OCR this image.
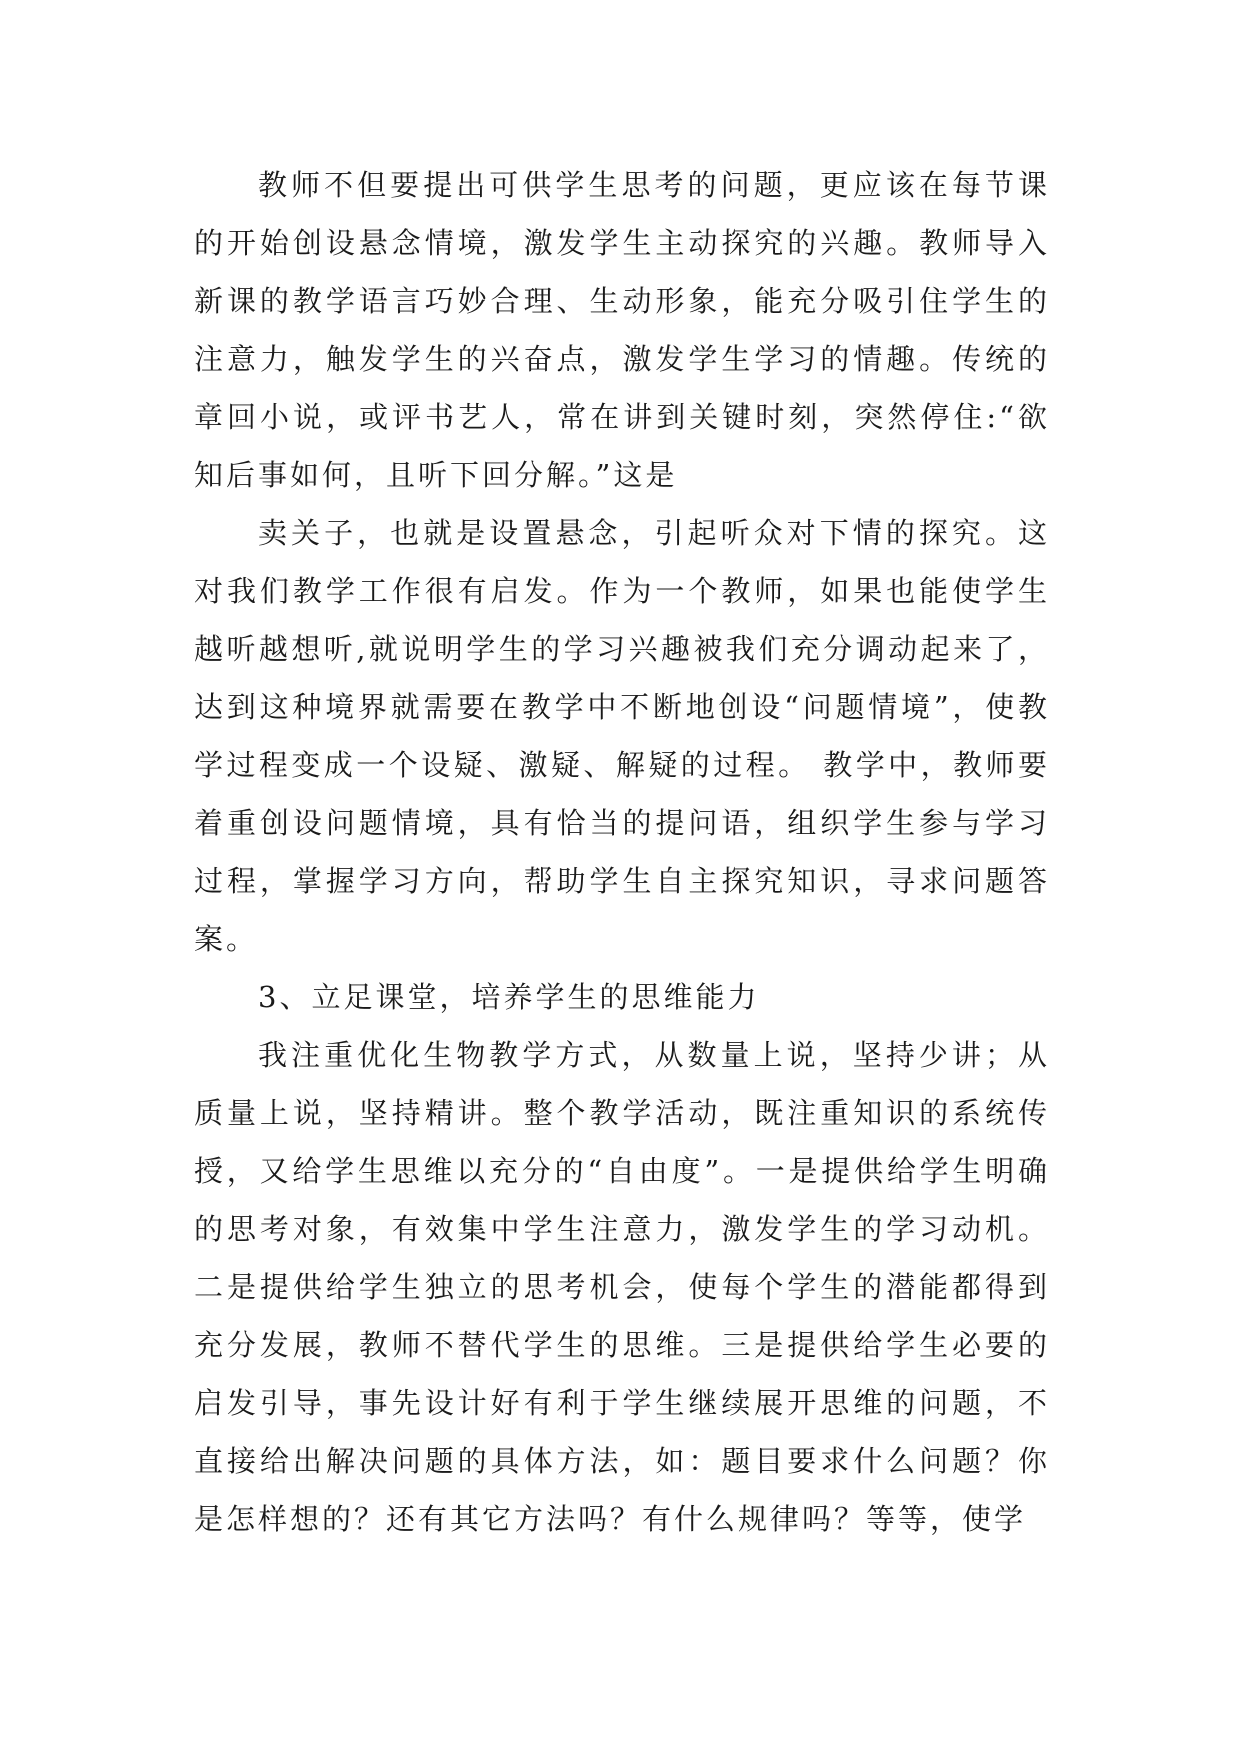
教师不但要提出可供学生思考的问题，更应该在每节课的开始创设悬念情境，激发学生主动探究的兴趣。教师导入新课的教学语言巧妙合理、生动形象，能充分吸引住学生的注意力，触发学生的兴奋点，激发学生学习的情趣。传统的章回小说，或评书艺人，常在讲到关键时刻，突然停住:“欲知后事如何，且听下回分解。”这是

卖关子，也就是设置悬念，引起听众对下情的探究。这对我们教学工作很有启发。作为一个教师，如果也能使学生越听越想听,就说明学生的学习兴趣被我们充分调动起来了，达到这种境界就需要在教学中不断地创设“问题情境”，使教学过程变成一个设疑、激疑、解疑的过程。 教学中，教师要着重创设问题情境，具有恰当的提问语，组织学生参与学习过程，掌握学习方向，帮助学生自主探究知识，寻求问题答案。

3、立足课堂，培养学生的思维能力

我注重优化生物教学方式，从数量上说，坚持少讲；从质量上说，坚持精讲。整个教学活动，既注重知识的系统传授，又给学生思维以充分的“自由度”。一是提供给学生明确的思考对象，有效集中学生注意力，激发学生的学习动机。二是提供给学生独立的思考机会，使每个学生的潜能都得到充分发展，教师不替代学生的思维。三是提供给学生必要的启发引导，事先设计好有利于学生继续展开思维的问题，不直接给出解决问题的具体方法，如：题目要求什么问题？你是怎样想的？还有其它方法吗？有什么规律吗？等等，使学
